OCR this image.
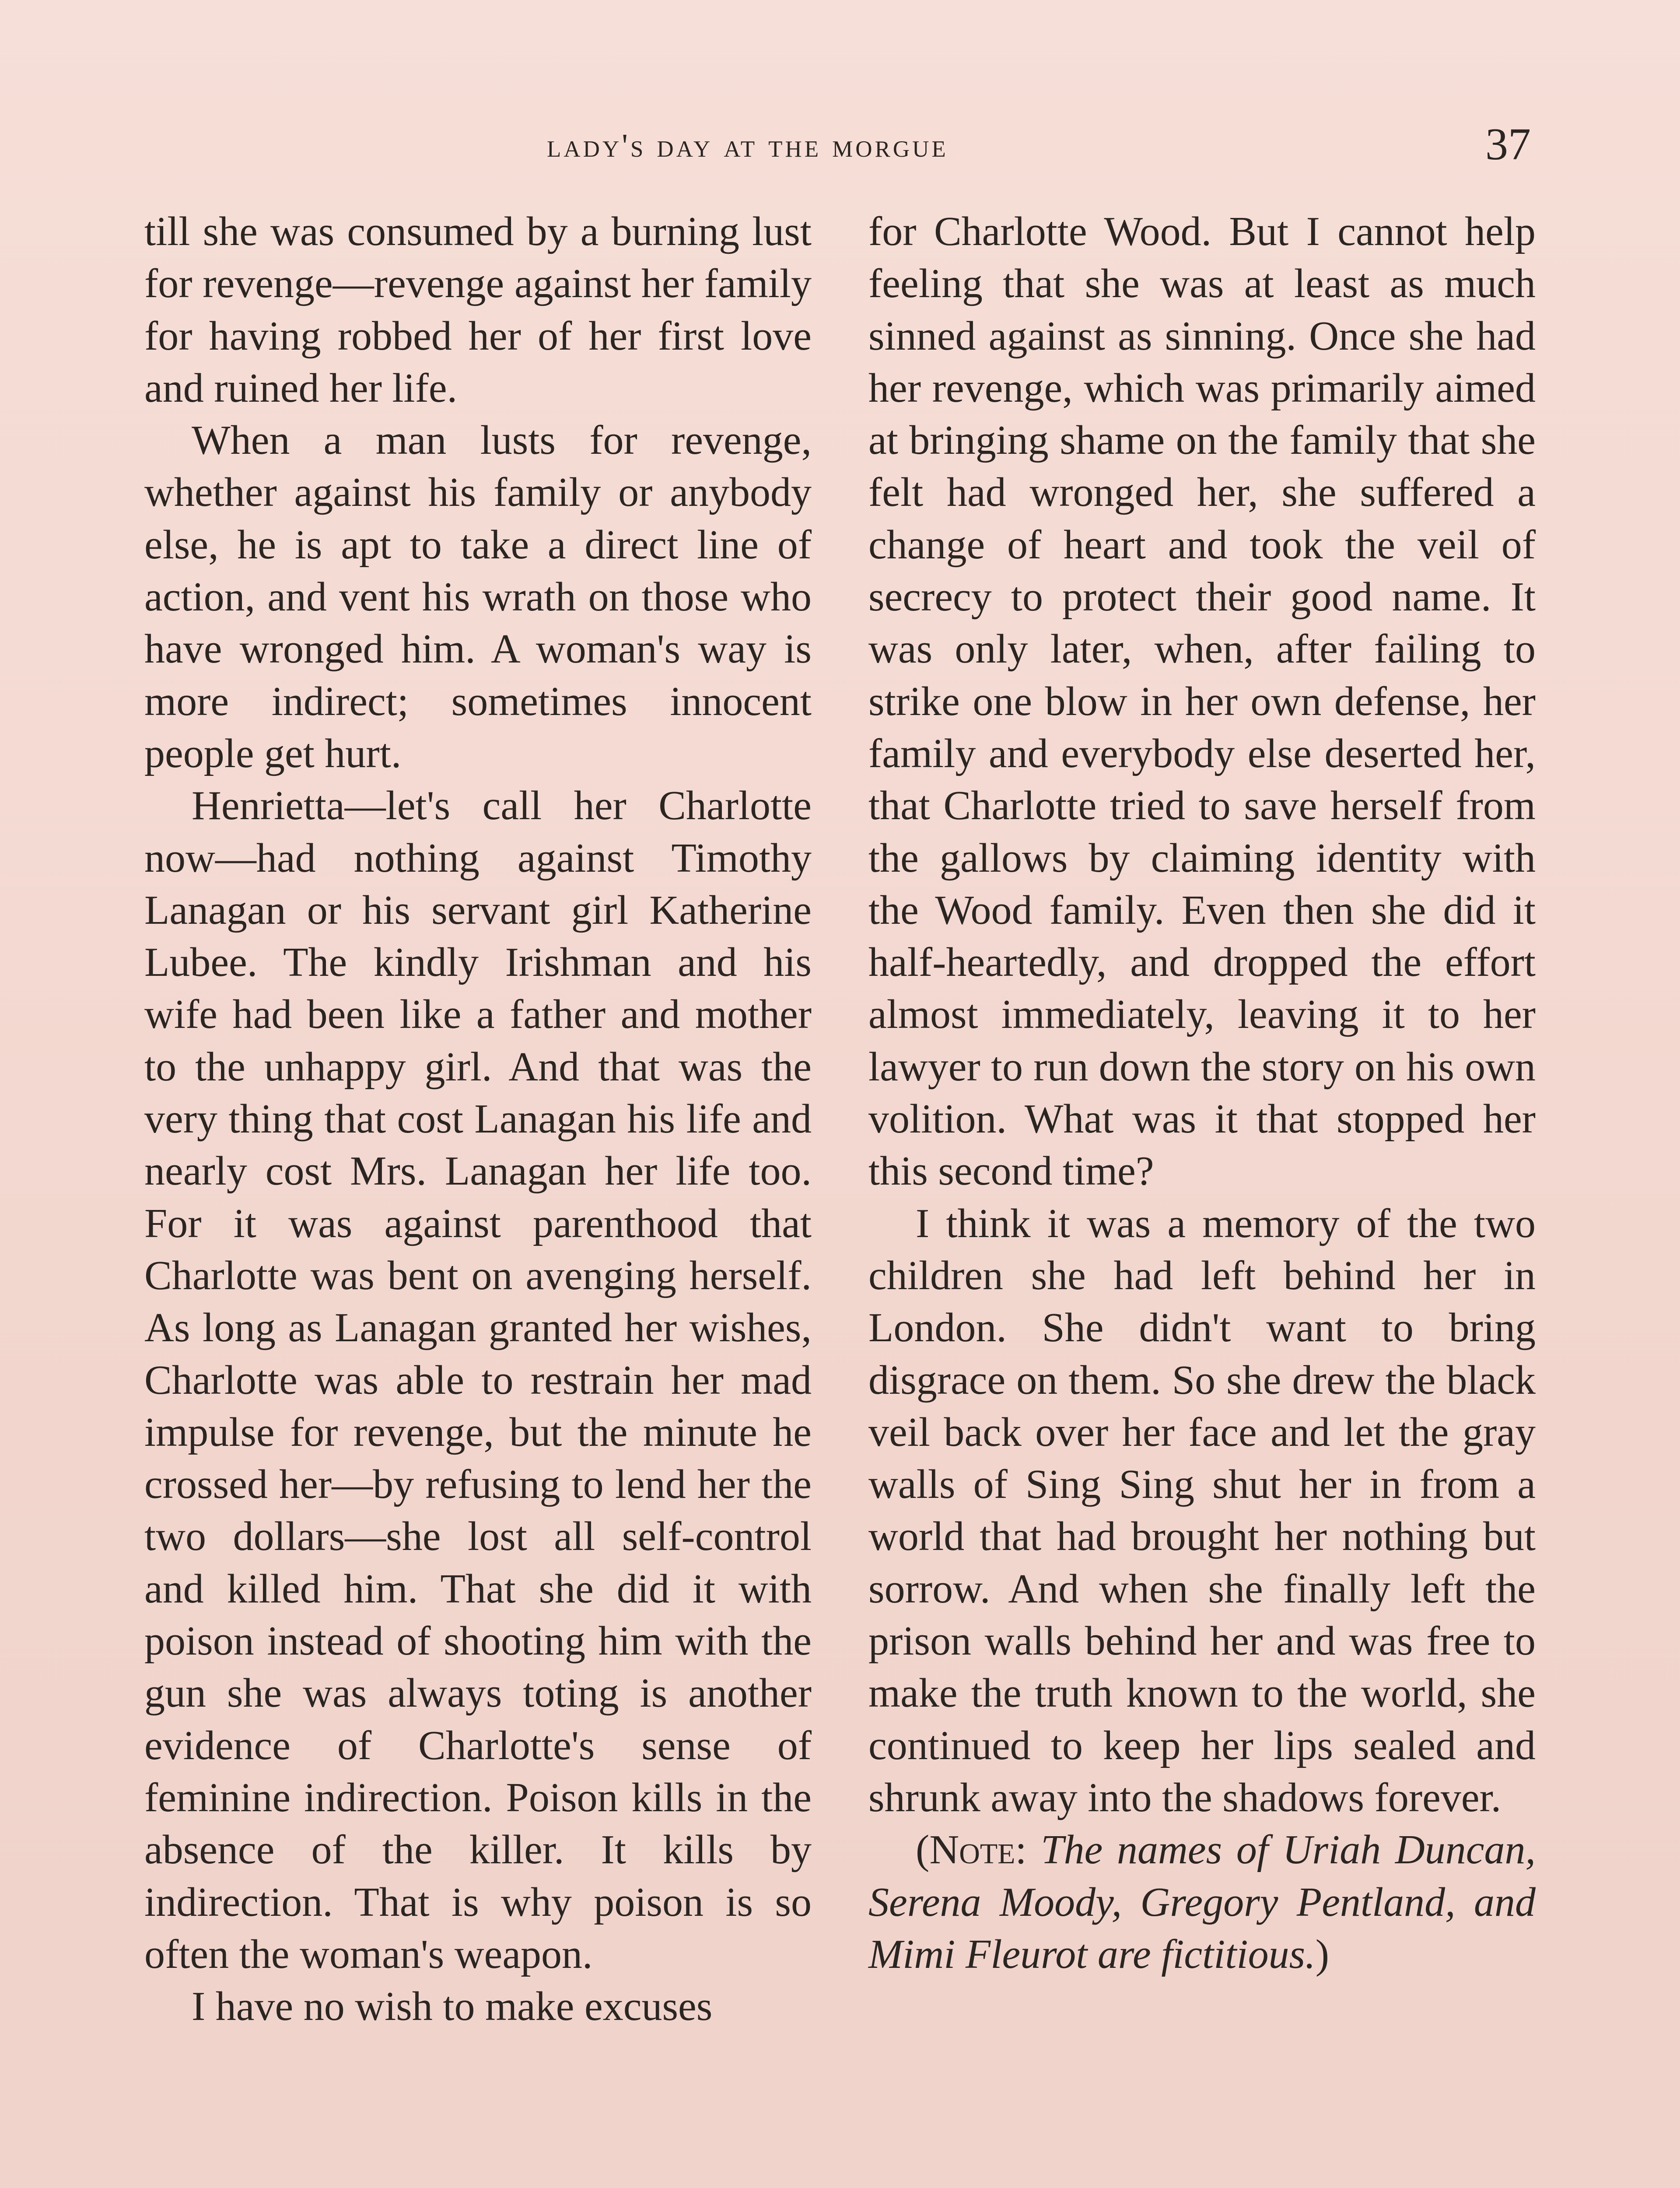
lady's day at the morgue	37

till she was consumed by a burning lust for revenge—revenge against her family for having robbed her of her first love and ruined her life.

When a man lusts for revenge, whether against his family or anybody else, he is apt to take a direct line of action, and vent his wrath on those who have wronged him. A woman's way is more indirect; sometimes innocent people get hurt.

Henrietta—let's call her Charlotte now—had nothing against Timothy Lanagan or his servant girl Katherine Lubee. The kindly Irishman and his wife had been like a father and mother to the unhappy girl. And that was the very thing that cost Lanagan his life and nearly cost Mrs. Lanagan her life too. For it was against parenthood that Charlotte was bent on avenging herself. As long as Lanagan granted her wishes, Charlotte was able to restrain her mad impulse for revenge, but the minute he crossed her—by refusing to lend her the two dollars—she lost all self-control and killed him. That she did it with poison instead of shooting him with the gun she was always toting is another evidence of Charlotte's sense of feminine indirection. Poison kills in the absence of the killer. It kills by indirection. That is why poison is so often the woman's weapon.

I have no wish to make excuses

for Charlotte Wood. But I cannot help feeling that she was at least as much sinned against as sinning. Once she had her revenge, which was primarily aimed at bringing shame on the family that she felt had wronged her, she suffered a change of heart and took the veil of secrecy to protect their good name. It was only later, when, after failing to strike one blow in her own defense, her family and everybody else deserted her, that Charlotte tried to save herself from the gallows by claiming identity with the Wood family. Even then she did it half-heartedly, and dropped the effort almost immediately, leaving it to her lawyer to run down the story on his own volition. What was it that stopped her this second time?

I think it was a memory of the two children she had left behind her in London. She didn't want to bring disgrace on them. So she drew the black veil back over her face and let the gray walls of Sing Sing shut her in from a world that had brought her nothing but sorrow. And when she finally left the prison walls behind her and was free to make the truth known to the world, she continued to keep her lips sealed and shrunk away into the shadows forever.

(Note: The names of Uriah Duncan, Serena Moody, Gregory Pentland, and Mimi Fleurot are fictitious.)
